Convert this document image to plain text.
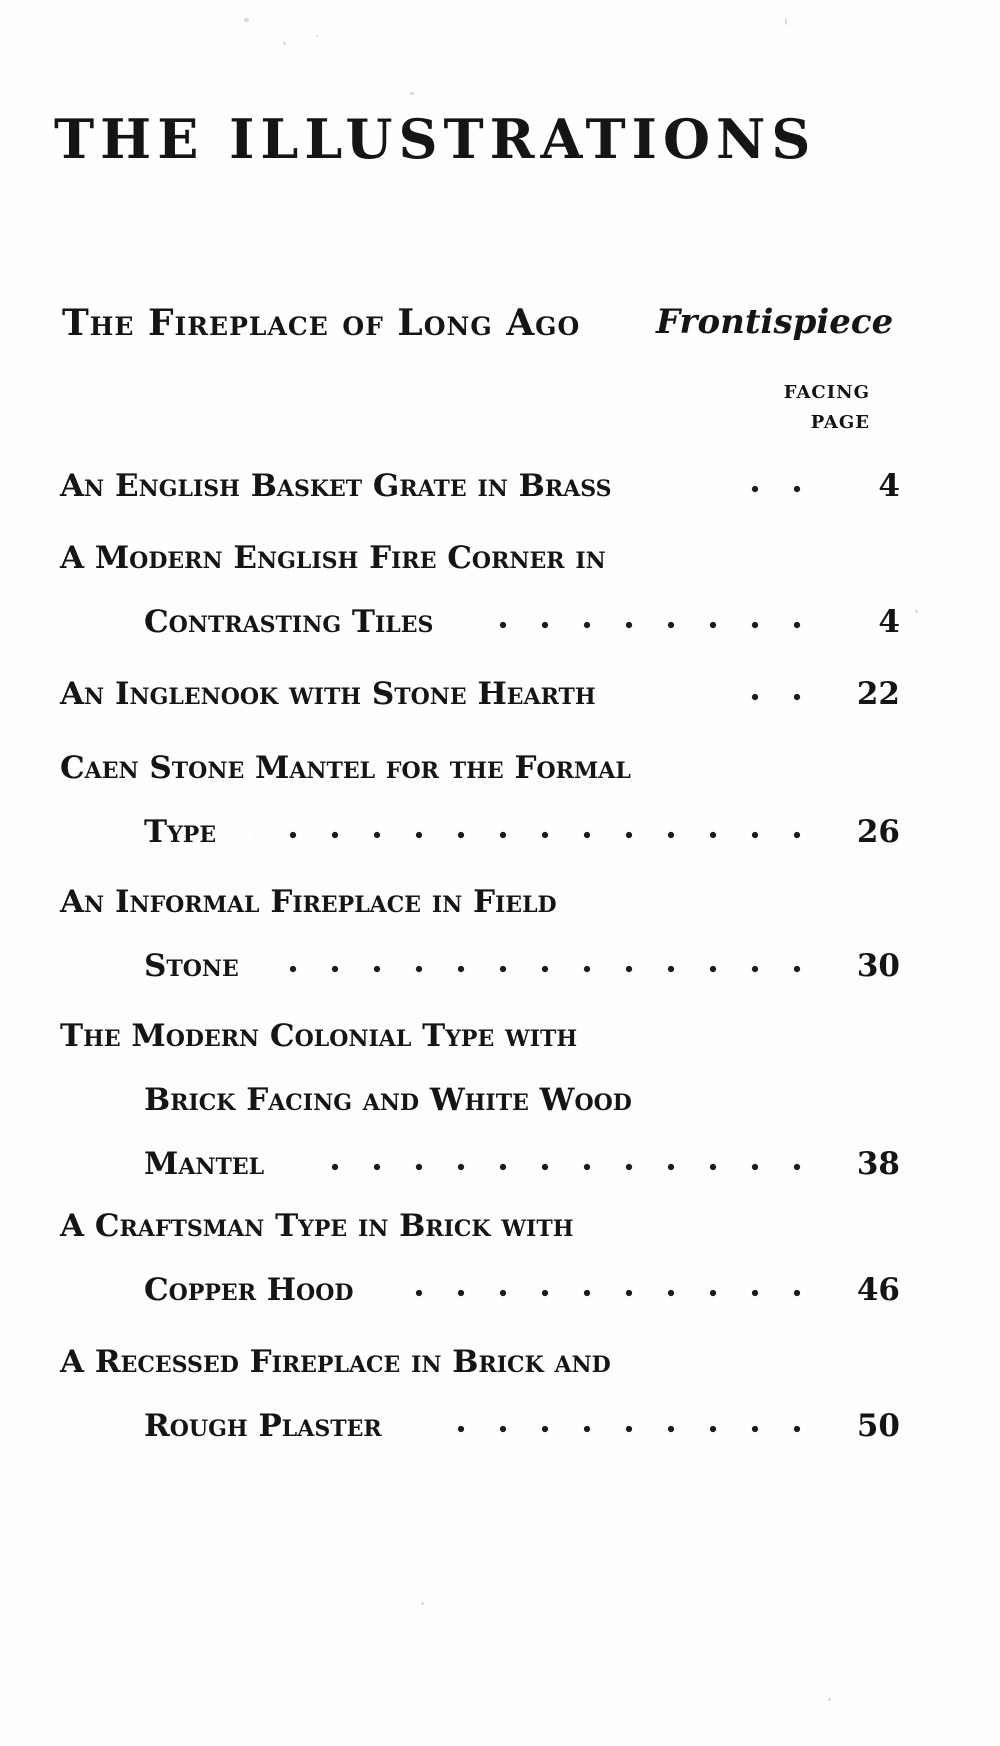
THE ILLUSTRATIONS
The Fireplace of Long Ago Frontispiece
FACING
PAGE
An English Basket Grate in Brass	4
A Modern English Fire Corner in
Contrasting Tiles	4
An Inglenook with Stone Hearth	22
Caen Stone Mantel for the Formal
Type	26
An Informal Fireplace in Field
Stone	30
The Modern Colonial Type with
Brick Facing and White Wood
Mantel	38
A Craftsman Type in Brick with
Copper Hood	46
A Recessed Fireplace in Brick and
Rough Plaster	50
